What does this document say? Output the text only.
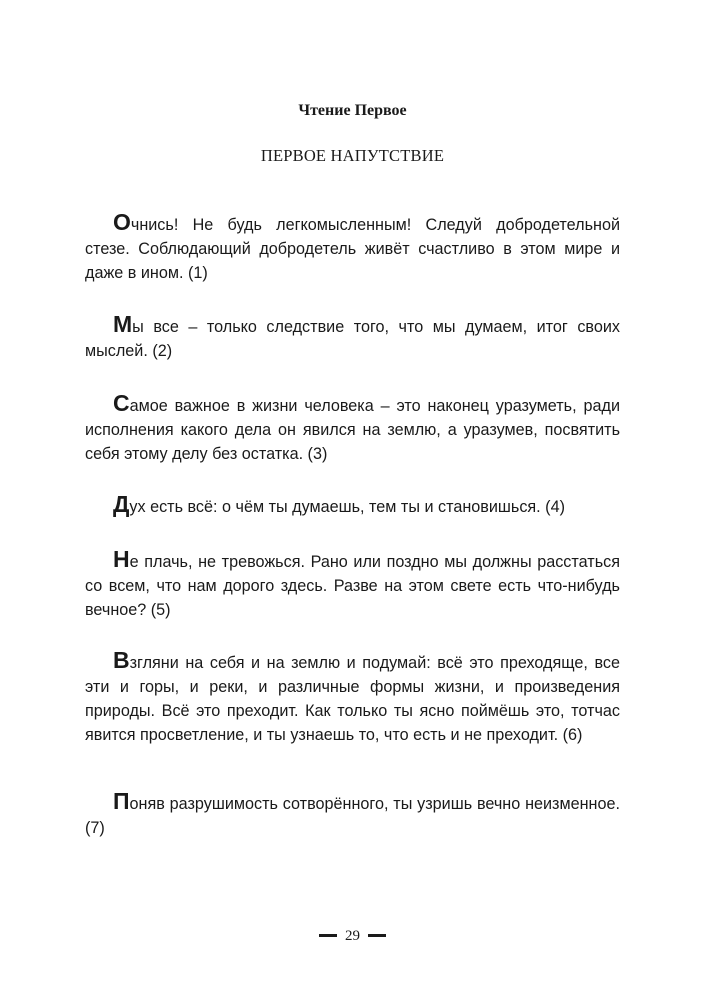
Чтение Первое
ПЕРВОЕ НАПУТСТВИЕ

Очнись! Не будь легкомысленным! Следуй добродетельной стезе. Соблюдающий добродетель живёт счастливо в этом мире и даже в ином. (1)

Мы все – только следствие того, что мы думаем, итог своих мыслей. (2)

Самое важное в жизни человека – это наконец уразуметь, ради исполнения какого дела он явился на землю, а уразумев, посвятить себя этому делу без остатка. (3)

Дух есть всё: о чём ты думаешь, тем ты и становишься. (4)

Не плачь, не тревожься. Рано или поздно мы должны расстаться со всем, что нам дорого здесь. Разве на этом свете есть что-нибудь вечное? (5)

Взгляни на себя и на землю и подумай: всё это преходяще, все эти и горы, и реки, и различные формы жизни, и произведения природы. Всё это преходит. Как только ты ясно поймёшь это, тотчас явится просветление, и ты узнаешь то, что есть и не преходит. (6)

Поняв разрушимость сотворённого, ты узришь вечно неизменное. (7)

29
